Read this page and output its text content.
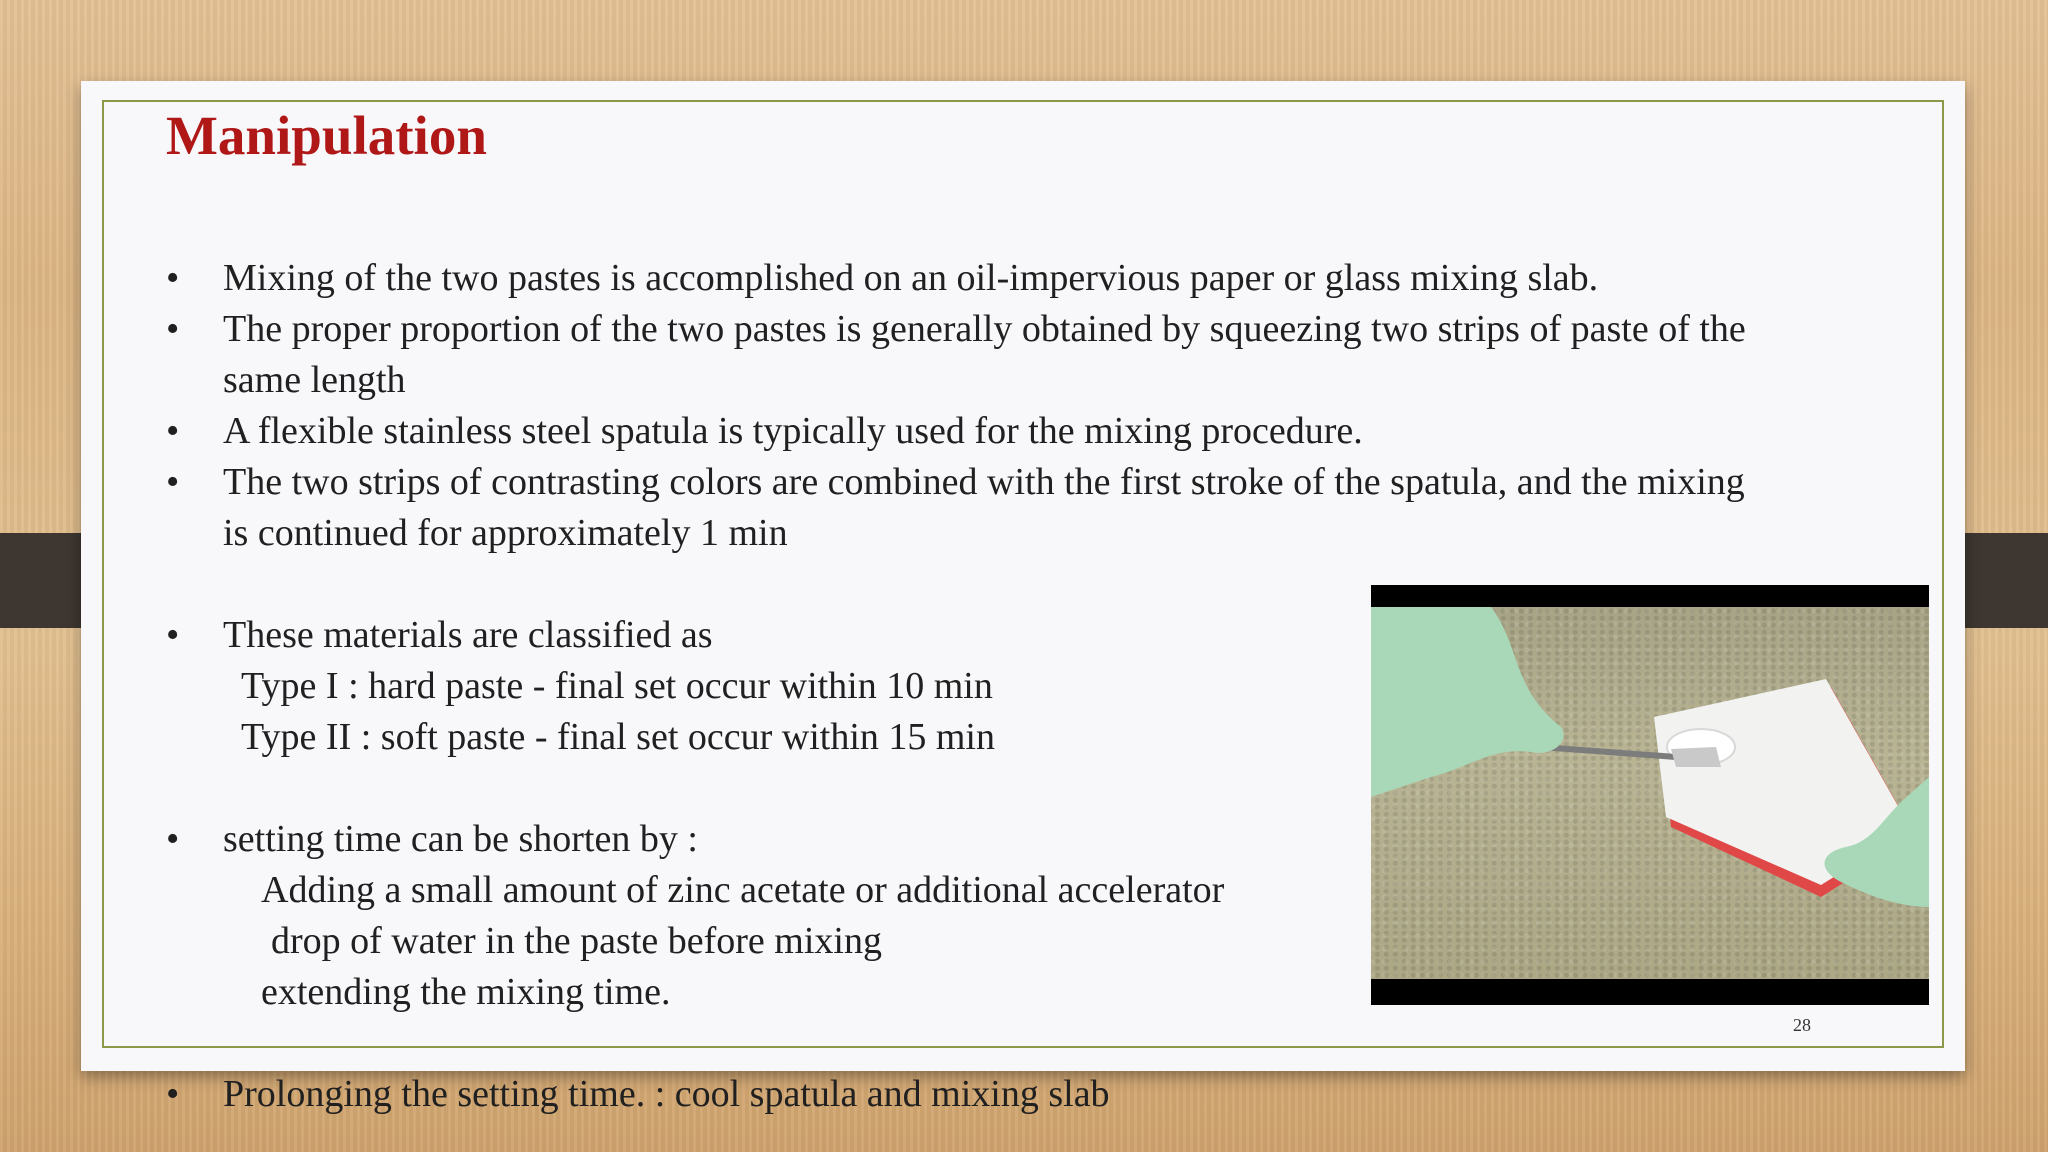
Manipulation
•
•
•
•
•
•
•
Mixing of the two pastes is accomplished on an oil-impervious paper or glass mixing slab.
The proper proportion of the two pastes is generally obtained by squeezing two strips of paste of the
same length
A flexible stainless steel spatula is typically used for the mixing procedure.
The two strips of contrasting colors are combined with the first stroke of the spatula, and the mixing
is continued for approximately 1 min
These materials are classified as
Type I : hard paste - final set occur within 10 min
Type II : soft paste - final set occur within 15 min
setting time can be shorten by :
Adding a small amount of zinc acetate or additional accelerator
drop of water in the paste before mixing
extending the mixing time.
Prolonging the setting time. : cool spatula and mixing slab
28
